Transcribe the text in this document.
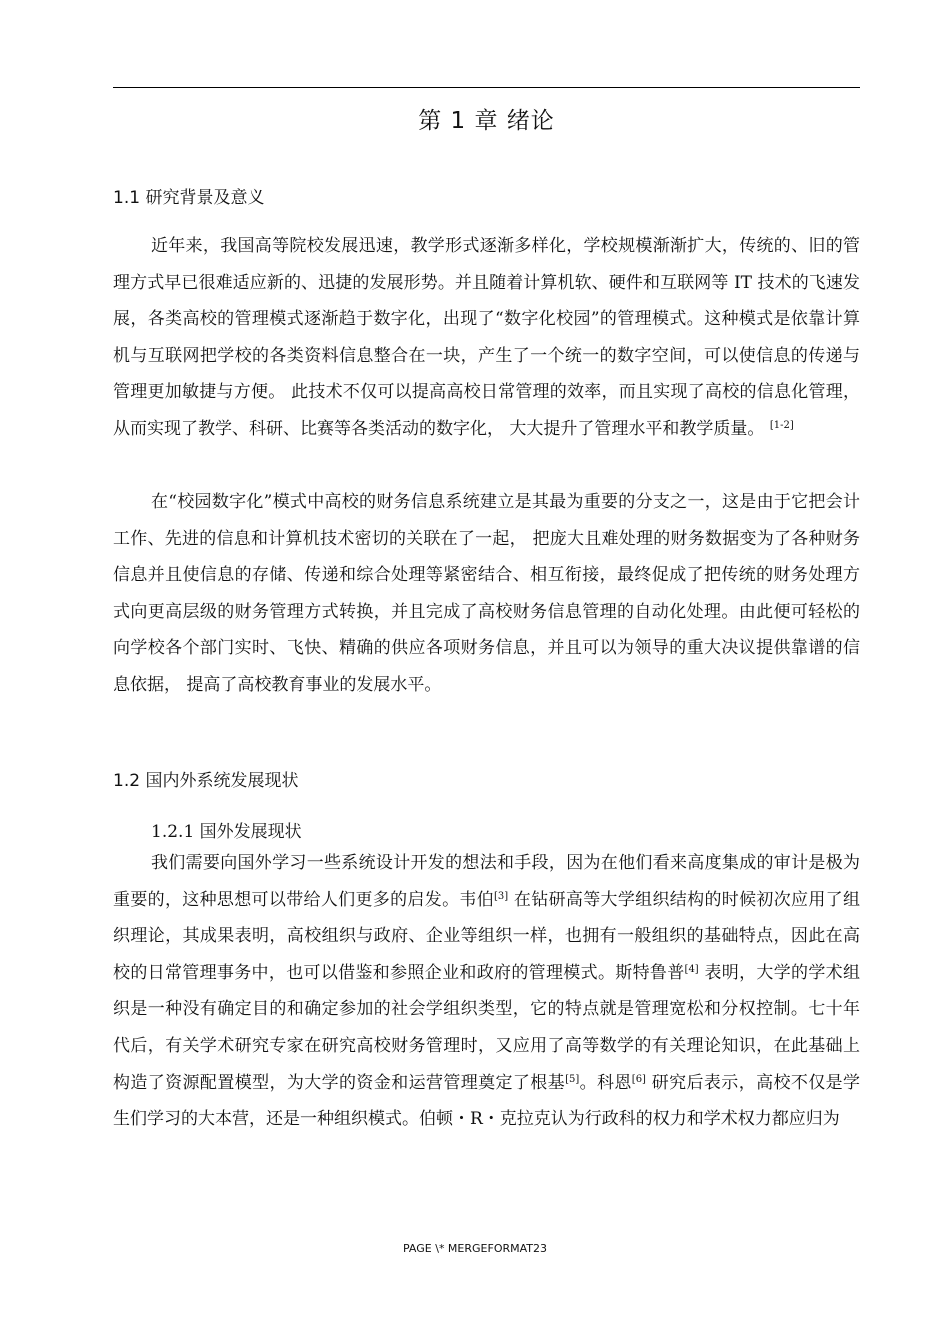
第 1 章 绪论
1.1 研究背景及意义
近年来，我国高等院校发展迅速，教学形式逐渐多样化，学校规模渐渐扩大，传统的、旧的管理方式早已很难适应新的、迅捷的发展形势。并且随着计算机软、硬件和互联网等 IT 技术的飞速发展，各类高校的管理模式逐渐趋于数字化，出现了“数字化校园”的管理模式。这种模式是依靠计算机与互联网把学校的各类资料信息整合在一块，产生了一个统一的数字空间，可以使信息的传递与管理更加敏捷与方便。 此技术不仅可以提高高校日常管理的效率，而且实现了高校的信息化管理，从而实现了教学、科研、比赛等各类活动的数字化， 大大提升了管理水平和教学质量。 [1-2]
在“校园数字化”模式中高校的财务信息系统建立是其最为重要的分支之一，这是由于它把会计工作、先进的信息和计算机技术密切的关联在了一起， 把庞大且难处理的财务数据变为了各种财务信息并且使信息的存储、传递和综合处理等紧密结合、相互衔接，最终促成了把传统的财务处理方式向更高层级的财务管理方式转换，并且完成了高校财务信息管理的自动化处理。由此便可轻松的向学校各个部门实时、飞快、精确的供应各项财务信息，并且可以为领导的重大决议提供靠谱的信息依据， 提高了高校教育事业的发展水平。
1.2 国内外系统发展现状
1.2.1 国外发展现状
我们需要向国外学习一些系统设计开发的想法和手段，因为在他们看来高度集成的审计是极为重要的，这种思想可以带给人们更多的启发。韦伯[3] 在钻研高等大学组织结构的时候初次应用了组织理论，其成果表明，高校组织与政府、企业等组织一样，也拥有一般组织的基础特点，因此在高校的日常管理事务中，也可以借鉴和参照企业和政府的管理模式。斯特鲁普[4] 表明，大学的学术组织是一种没有确定目的和确定参加的社会学组织类型，它的特点就是管理宽松和分权控制。七十年代后，有关学术研究专家在研究高校财务管理时，又应用了高等数学的有关理论知识，在此基础上构造了资源配置模型，为大学的资金和运营管理奠定了根基[5]。科恩[6] 研究后表示，高校不仅是学生们学习的大本营，还是一种组织模式。伯顿・R・克拉克认为行政科的权力和学术权力都应归为
PAGE \* MERGEFORMAT23
